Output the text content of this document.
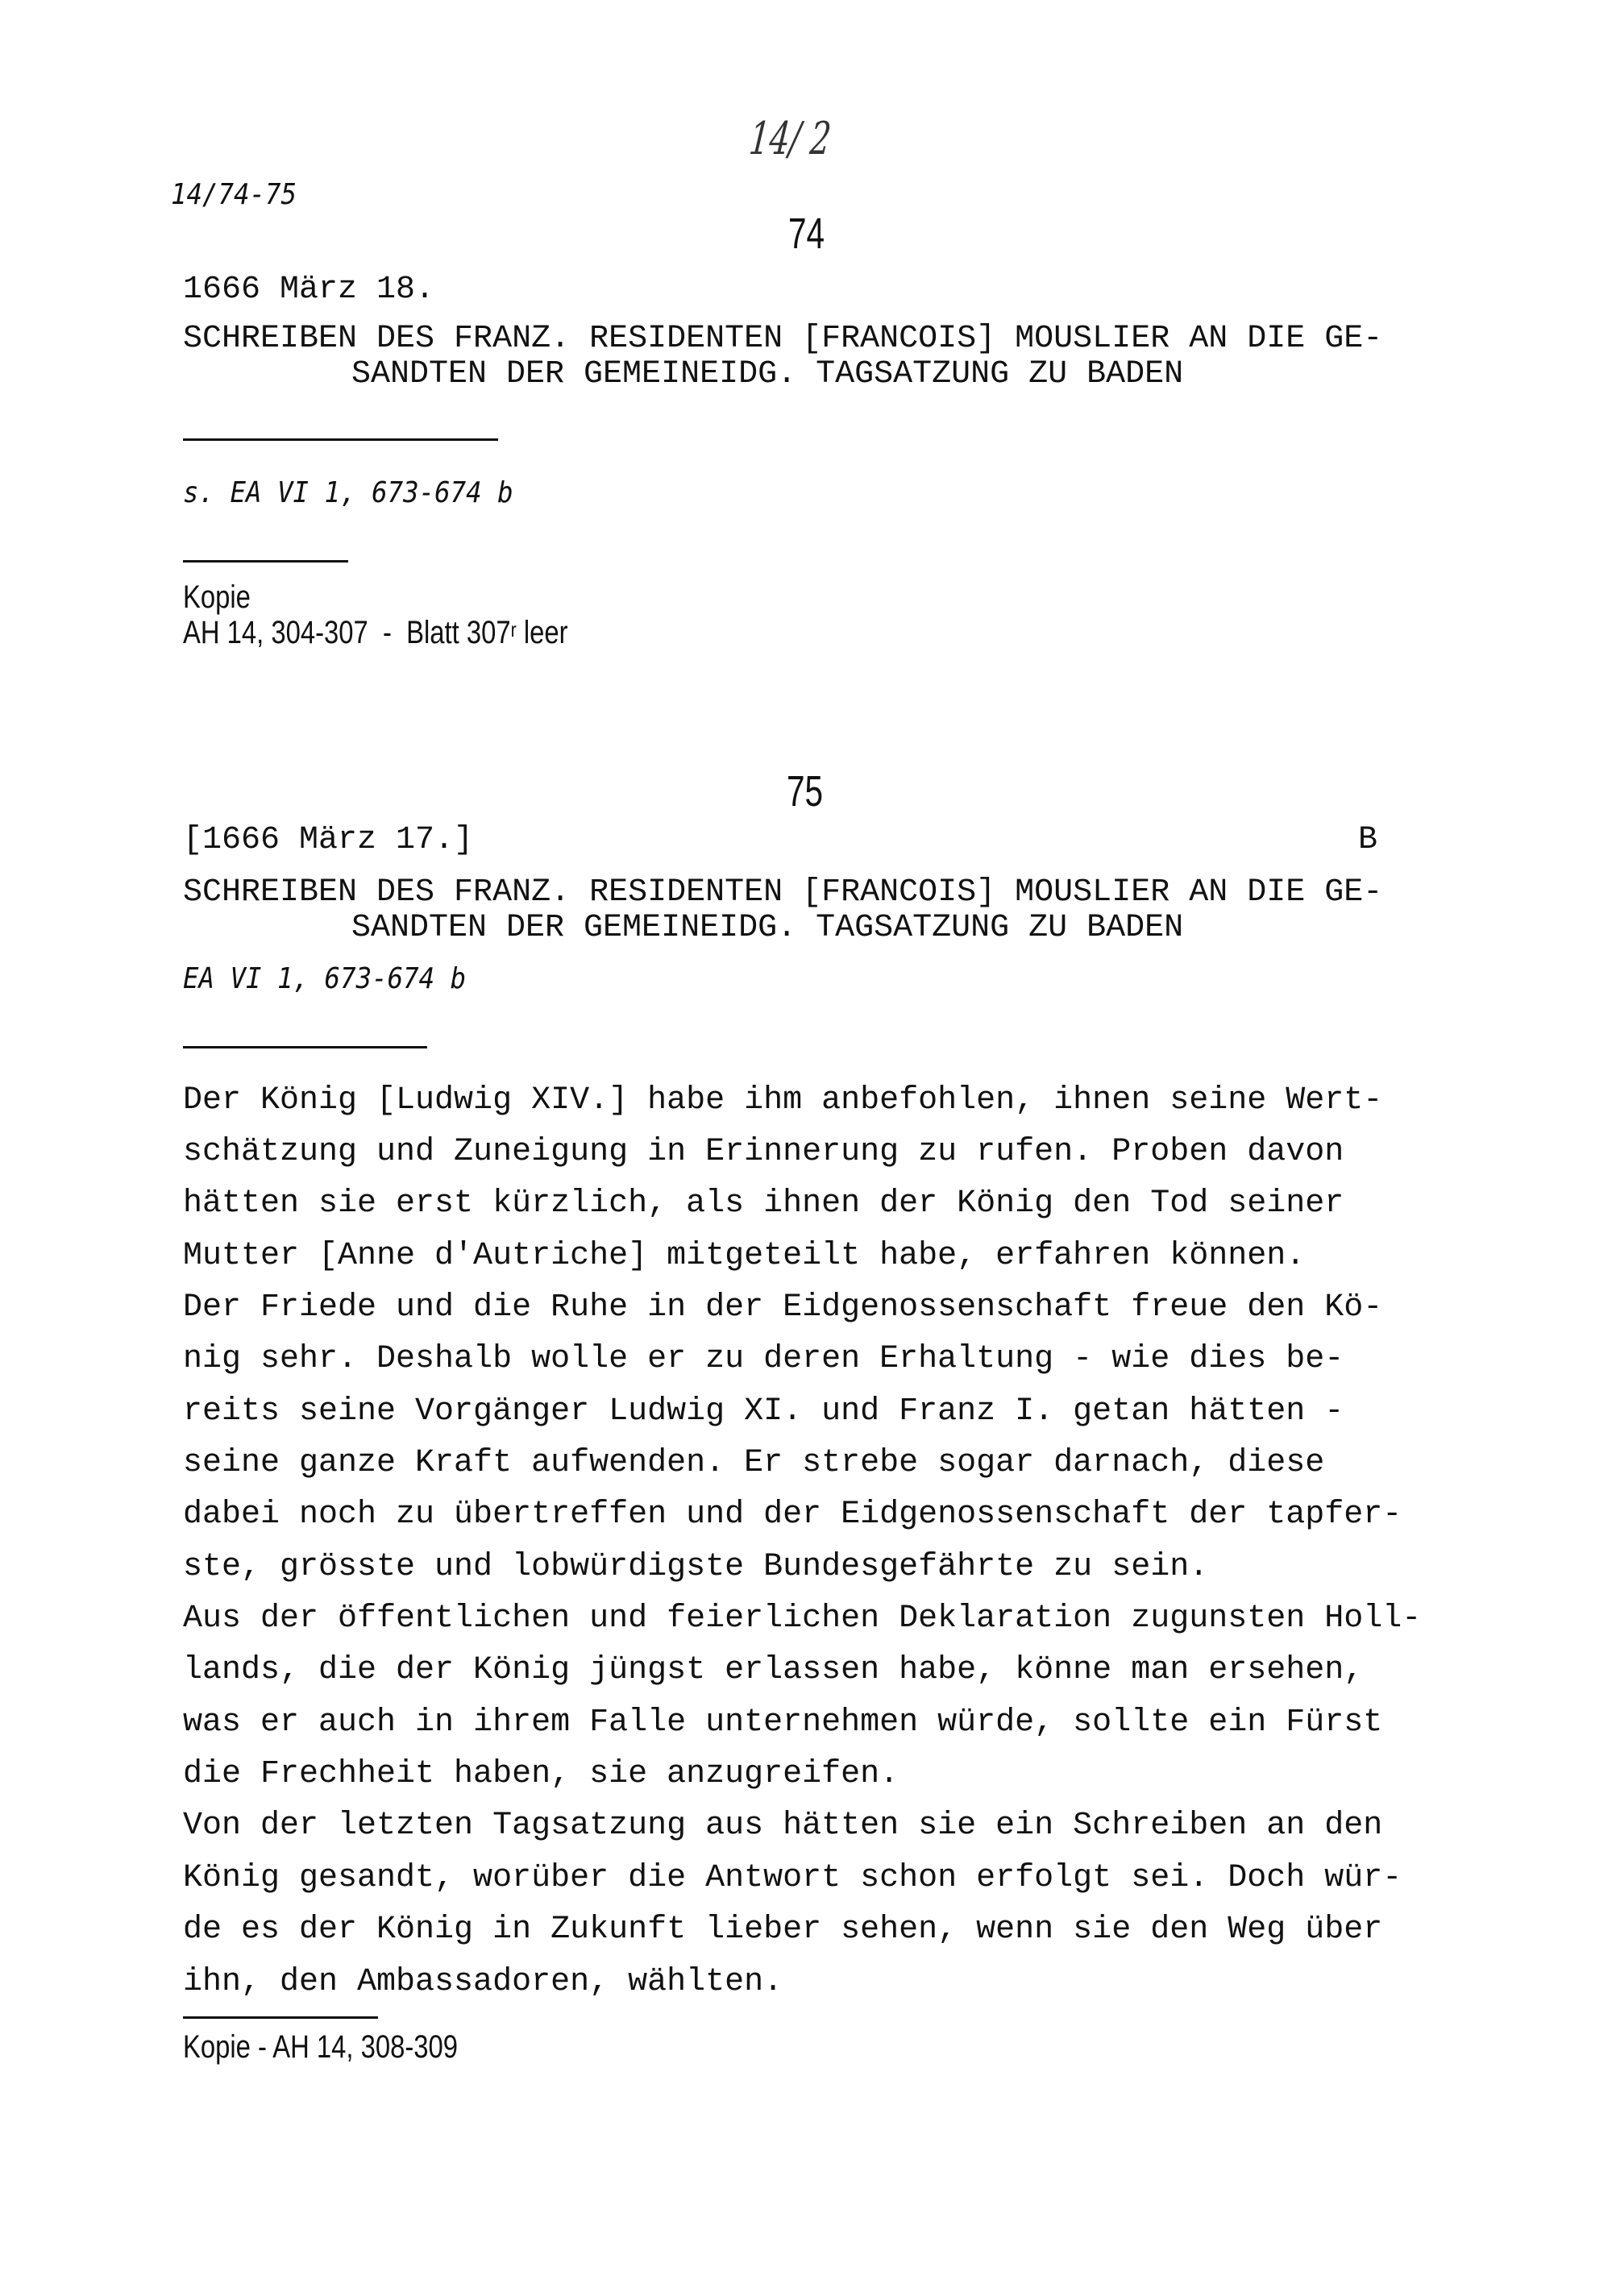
14/ 2
14/74-75
74
1666 März 18.
SCHREIBEN DES FRANZ. RESIDENTEN [FRANCOIS] MOUSLIER AN DIE GE-
SANDTEN DER GEMEINEIDG. TAGSATZUNG ZU BADEN
s. EA VI 1, 673-674 b
Kopie
AH 14, 304-307  -  Blatt 307$^r$ leer
75
[1666 März 17.]	B
SCHREIBEN DES FRANZ. RESIDENTEN [FRANCOIS] MOUSLIER AN DIE GE-
SANDTEN DER GEMEINEIDG. TAGSATZUNG ZU BADEN
EA VI 1, 673-674 b
Der König [Ludwig XIV.] habe ihm anbefohlen, ihnen seine Wert-
schätzung und Zuneigung in Erinnerung zu rufen. Proben davon
hätten sie erst kürzlich, als ihnen der König den Tod seiner
Mutter [Anne d'Autriche] mitgeteilt habe, erfahren können.
Der Friede und die Ruhe in der Eidgenossenschaft freue den Kö-
nig sehr. Deshalb wolle er zu deren Erhaltung - wie dies be-
reits seine Vorgänger Ludwig XI. und Franz I. getan hätten -
seine ganze Kraft aufwenden. Er strebe sogar darnach, diese
dabei noch zu übertreffen und der Eidgenossenschaft der tapfer-
ste, grösste und lobwürdigste Bundesgefährte zu sein.
Aus der öffentlichen und feierlichen Deklaration zugunsten Holl-
lands, die der König jüngst erlassen habe, könne man ersehen,
was er auch in ihrem Falle unternehmen würde, sollte ein Fürst
die Frechheit haben, sie anzugreifen.
Von der letzten Tagsatzung aus hätten sie ein Schreiben an den
König gesandt, worüber die Antwort schon erfolgt sei. Doch wür-
de es der König in Zukunft lieber sehen, wenn sie den Weg über
ihn, den Ambassadoren, wählten.
Kopie - AH 14, 308-309
